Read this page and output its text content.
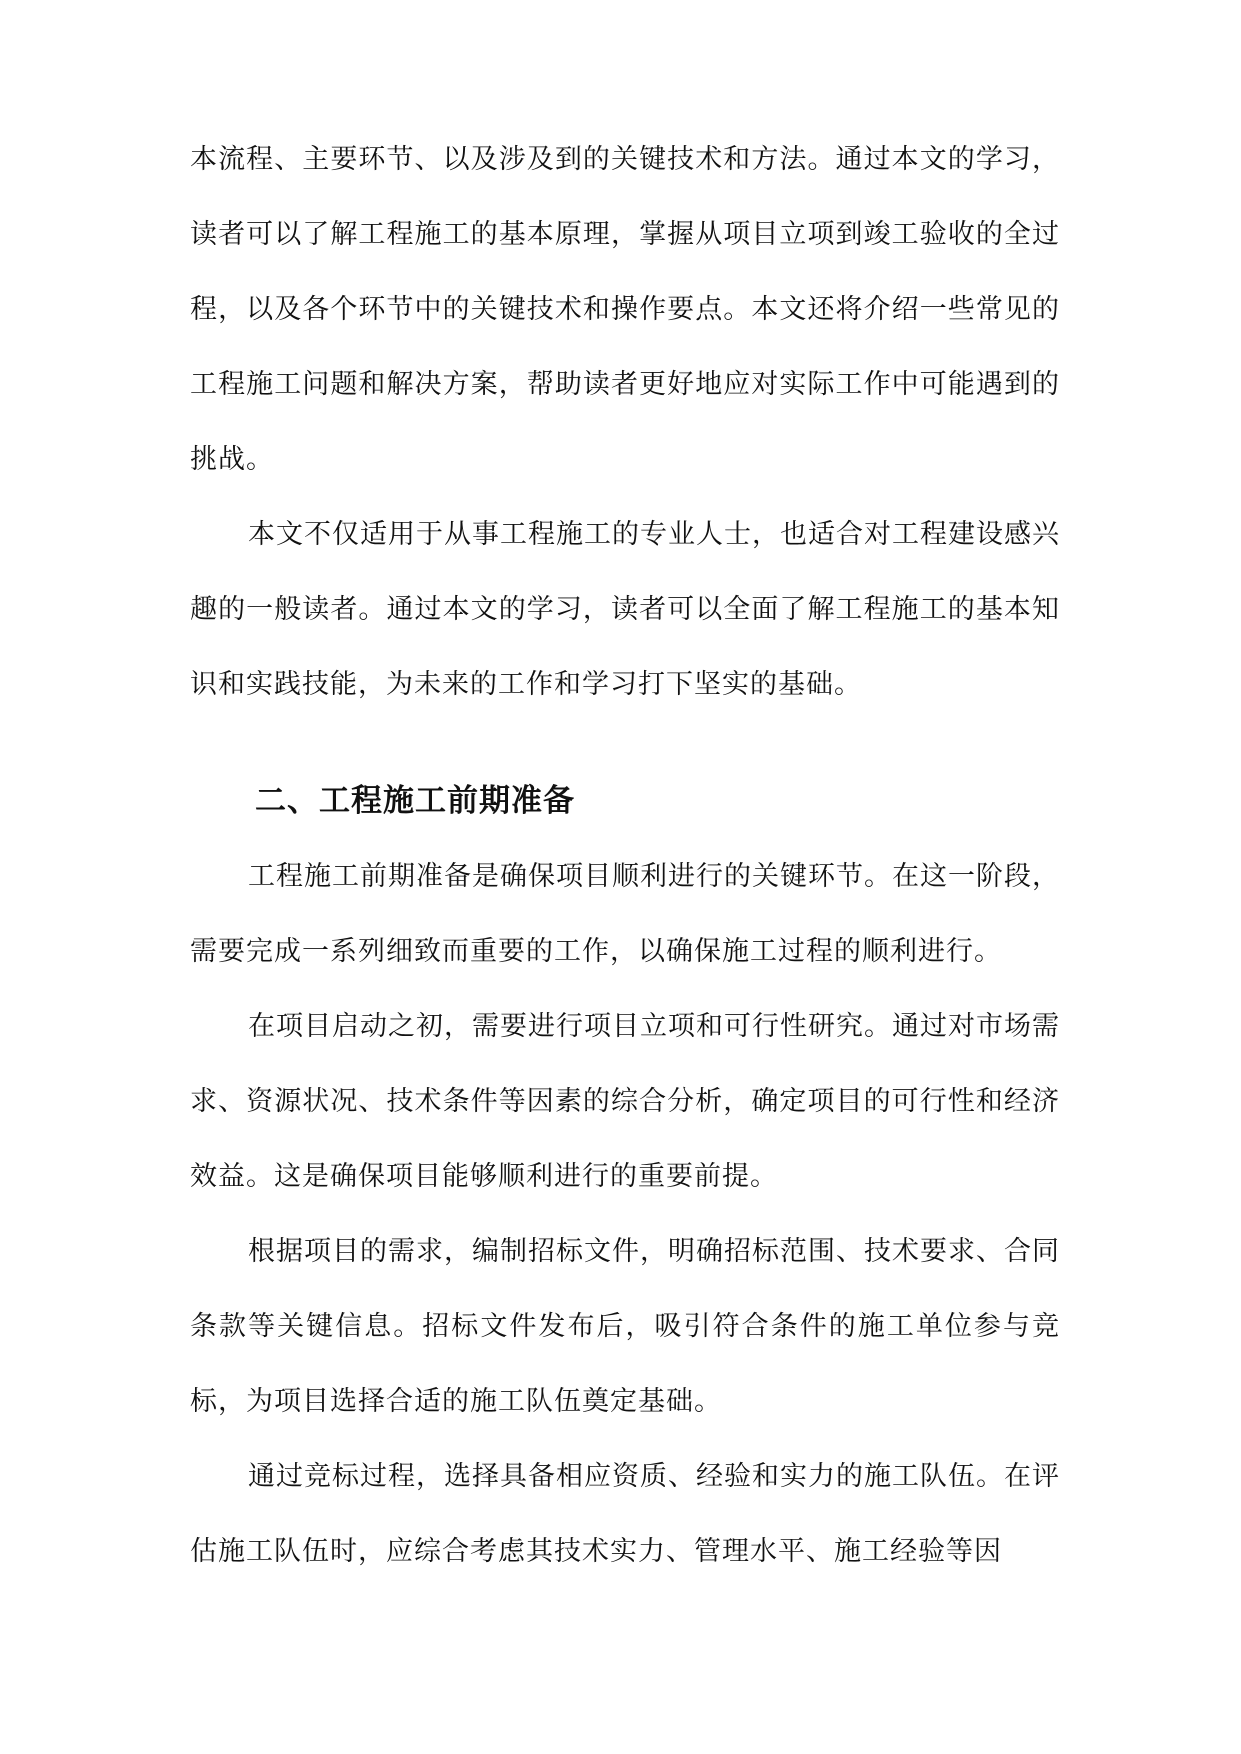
本流程、主要环节、以及涉及到的关键技术和方法。通过本文的学习，读者可以了解工程施工的基本原理，掌握从项目立项到竣工验收的全过程，以及各个环节中的关键技术和操作要点。本文还将介绍一些常见的工程施工问题和解决方案，帮助读者更好地应对实际工作中可能遇到的挑战。

本文不仅适用于从事工程施工的专业人士，也适合对工程建设感兴趣的一般读者。通过本文的学习，读者可以全面了解工程施工的基本知识和实践技能，为未来的工作和学习打下坚实的基础。

二、工程施工前期准备

工程施工前期准备是确保项目顺利进行的关键环节。在这一阶段，需要完成一系列细致而重要的工作，以确保施工过程的顺利进行。

在项目启动之初，需要进行项目立项和可行性研究。通过对市场需求、资源状况、技术条件等因素的综合分析，确定项目的可行性和经济效益。这是确保项目能够顺利进行的重要前提。

根据项目的需求，编制招标文件，明确招标范围、技术要求、合同条款等关键信息。招标文件发布后，吸引符合条件的施工单位参与竞标，为项目选择合适的施工队伍奠定基础。

通过竞标过程，选择具备相应资质、经验和实力的施工队伍。在评估施工队伍时，应综合考虑其技术实力、管理水平、施工经验等因
